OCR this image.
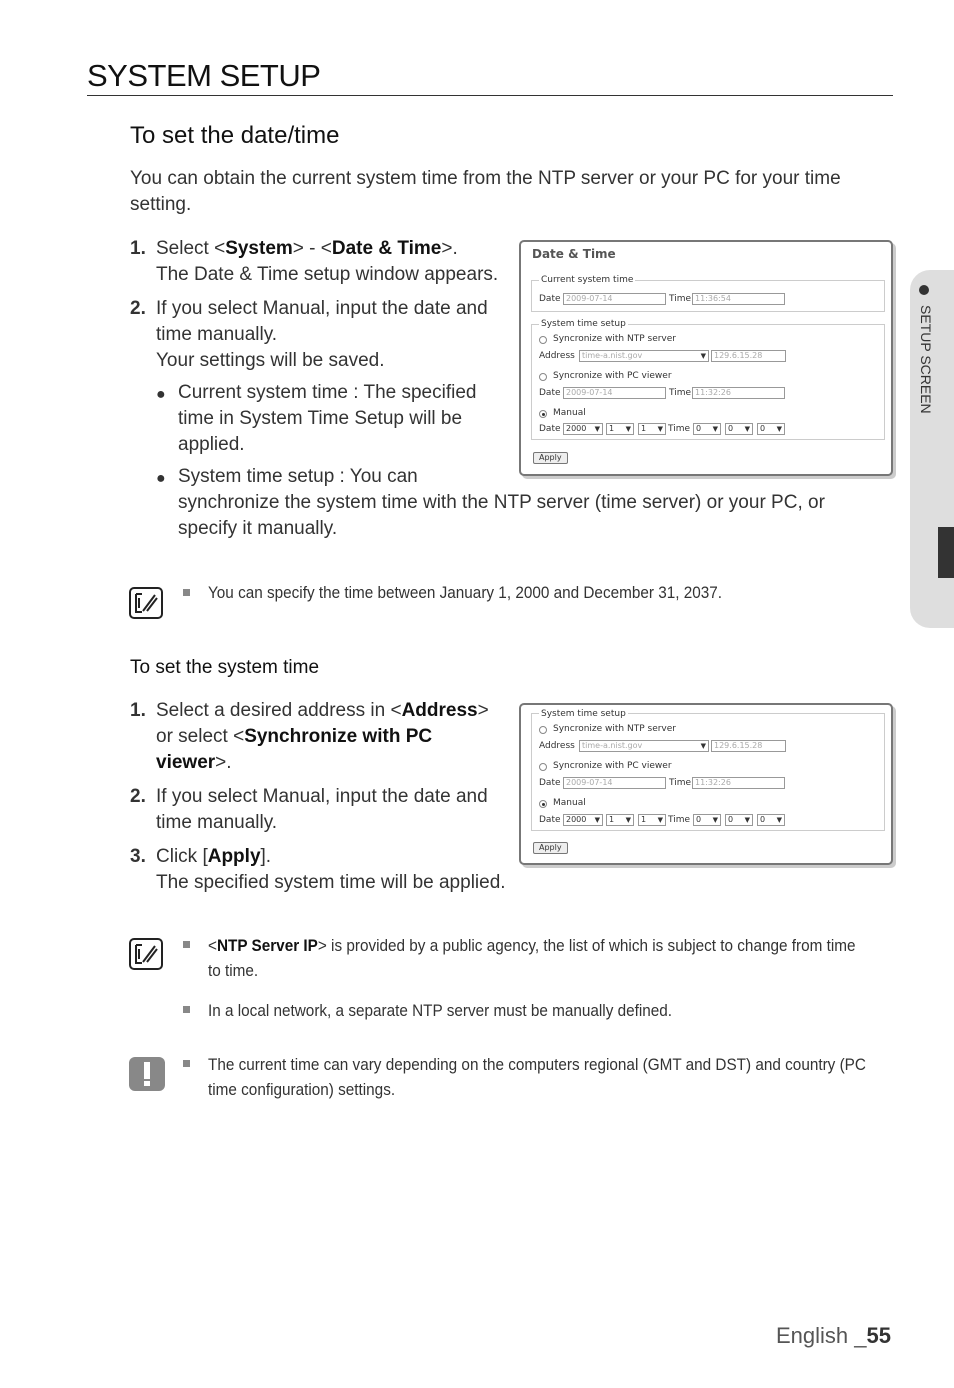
SYSTEM SETUP
SETUP SCREEN
To set the date/time
You can obtain the current system time from the NTP server or your PC for your time setting.
1. Select <System> - <Date & Time>.
The Date & Time setup window appears.
2. If you select Manual, input the date and
time manually.
Your settings will be saved.
● Current system time : The specified
time in System Time Setup will be
applied.
● System time setup : You can
synchronize the system time with the NTP server (time server) or your PC, or
specify it manually.
Date & Time
Current system time
Date 2009-07-14	Time 11:36:54
System time setup
Syncronize with NTP server
Address time-a.nist.gov	▼	129.6.15.28
Syncronize with PC viewer
Date 2009-07-14	Time 11:32:26
Manual
Date 2000 ▼	1 ▼	1 ▼ Time 0 ▼	0 ▼	0 ▼
Apply
You can specify the time between January 1, 2000 and December 31, 2037.
To set the system time
1. Select a desired address in <Address>
or select <Synchronize with PC
viewer>.
2. If you select Manual, input the date and
time manually.
3. Click [Apply].
The specified system time will be applied.
System time setup
Syncronize with NTP server
Address time-a.nist.gov	▼	129.6.15.28
Syncronize with PC viewer
Date 2009-07-14	Time 11:32:26
Manual
Date 2000 ▼	1 ▼	1 ▼ Time 0 ▼	0 ▼	0 ▼
Apply
<NTP Server IP> is provided by a public agency, the list of which is subject to change from time
to time.
In a local network, a separate NTP server must be manually defined.
The current time can vary depending on the computers regional (GMT and DST) and country (PC
time configuration) settings.
English _55
